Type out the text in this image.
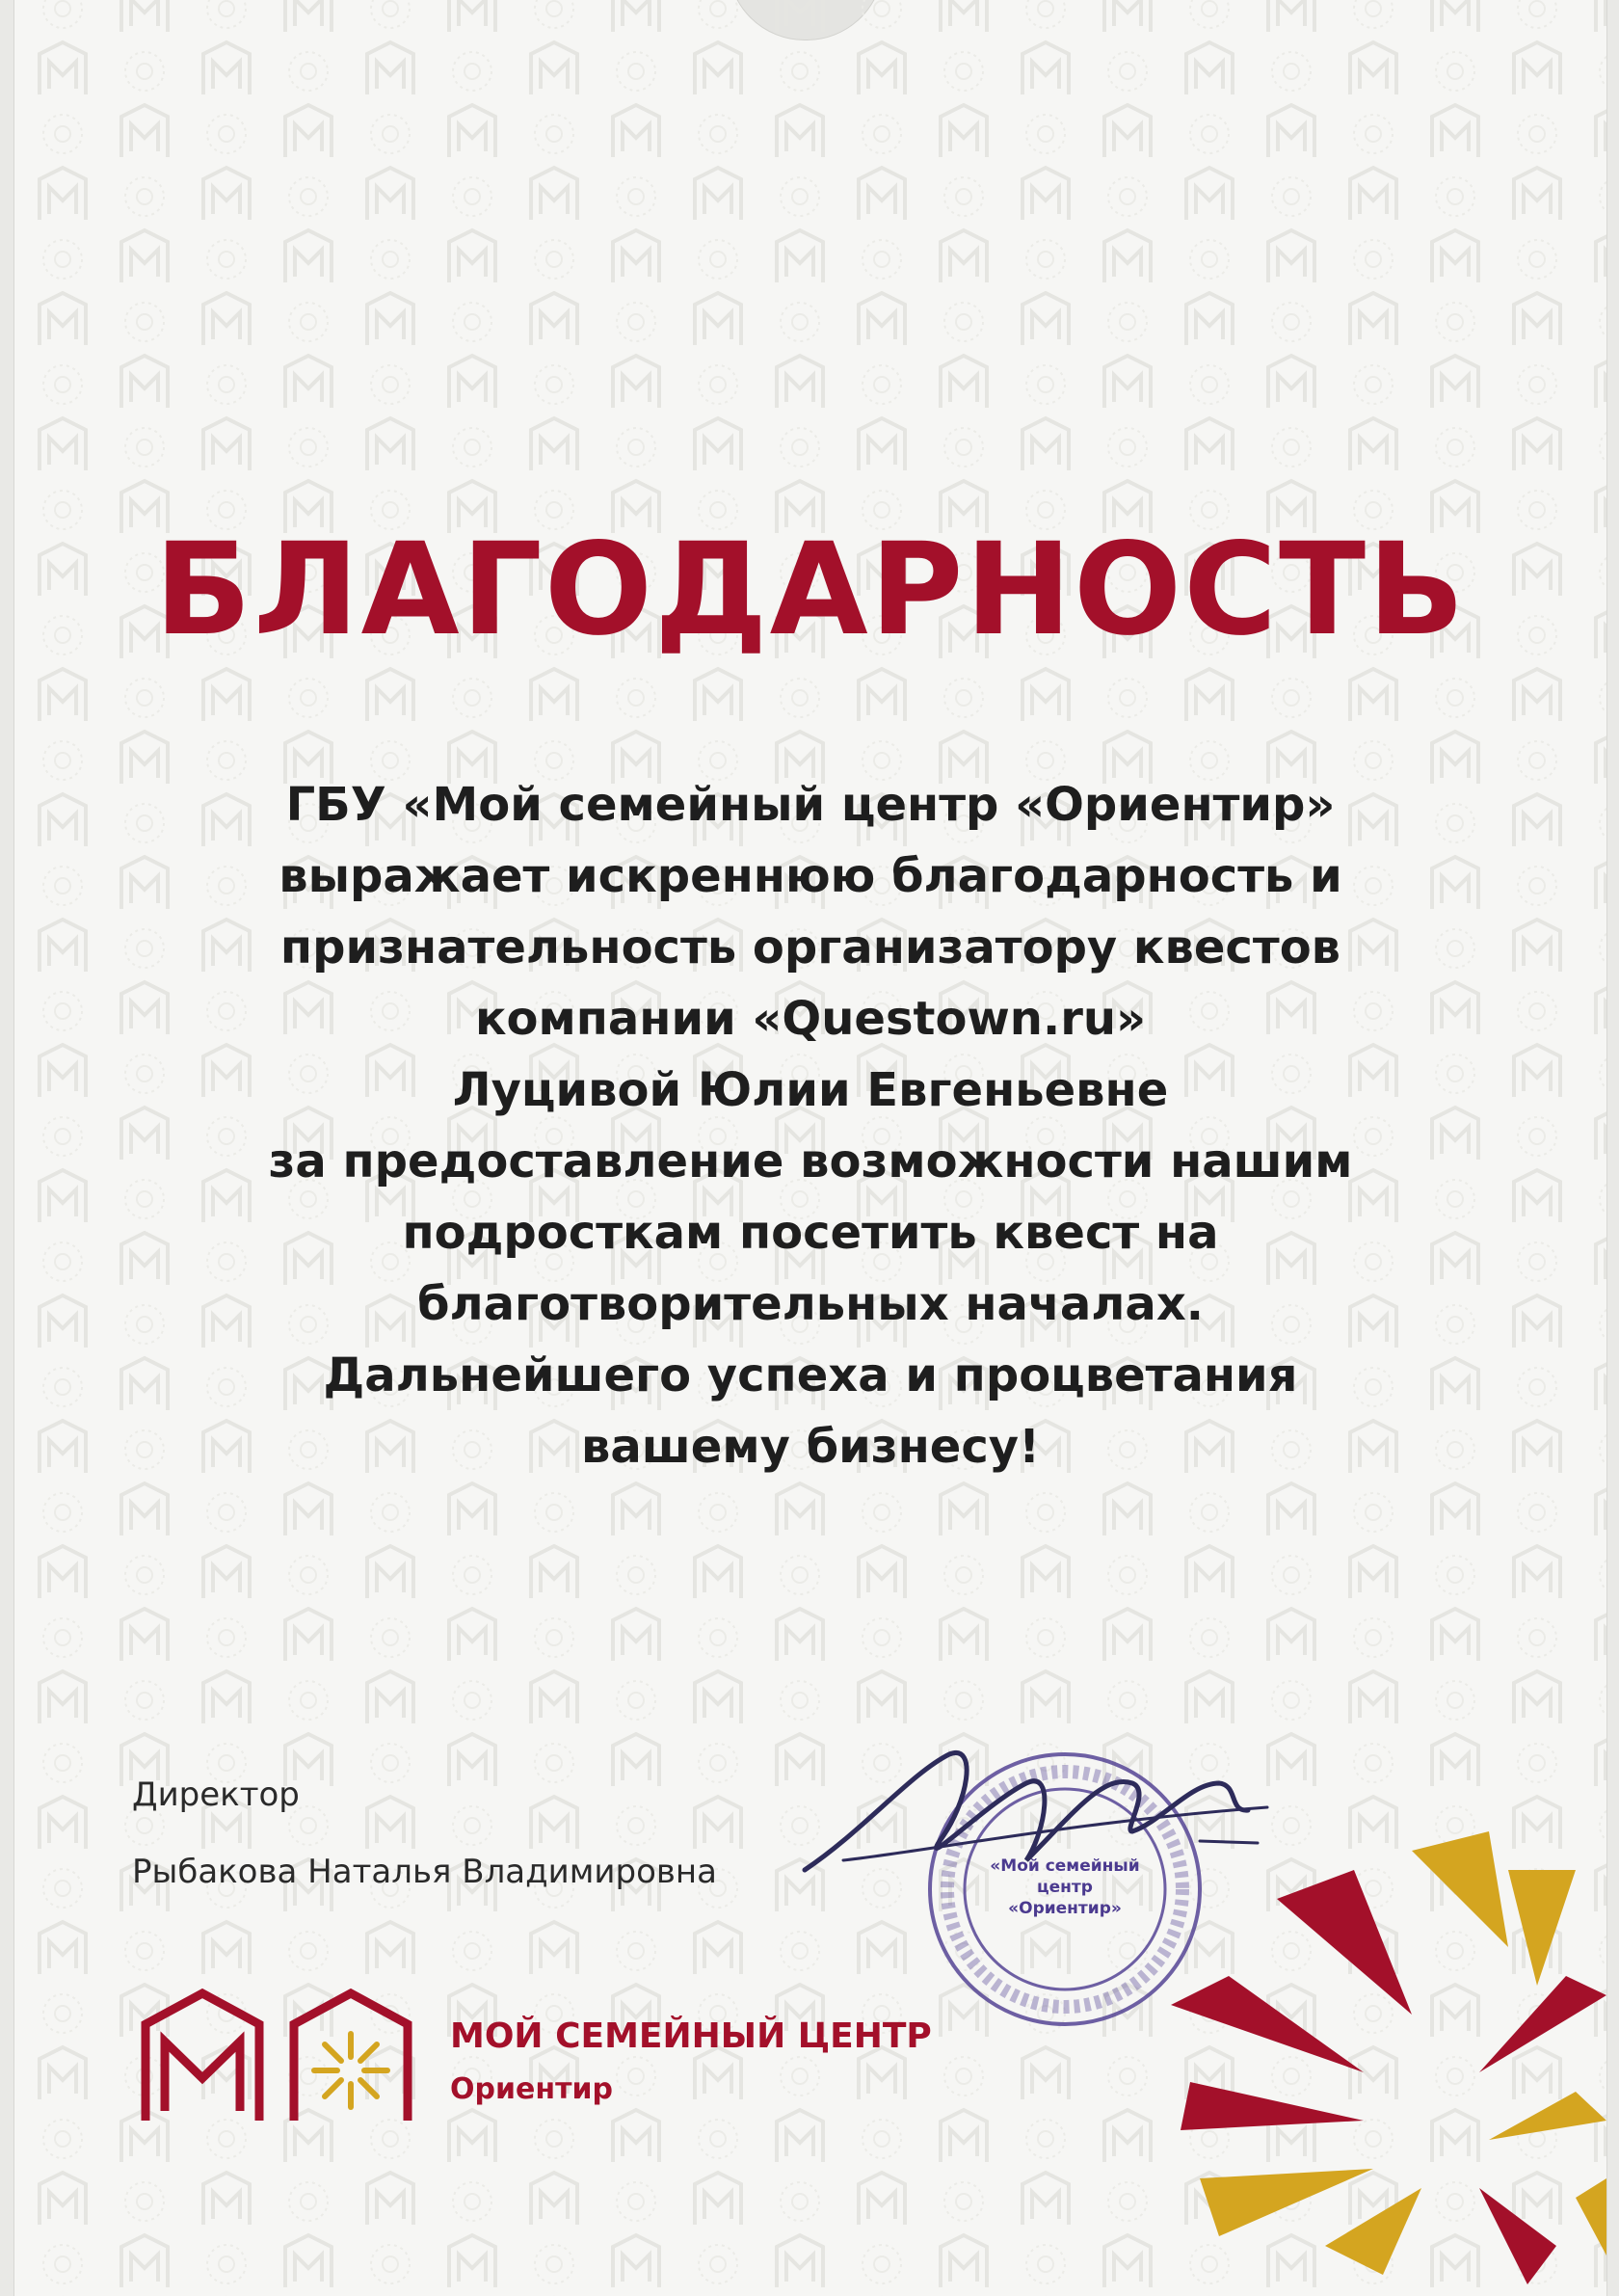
БЛАГОДАРНОСТЬ
ГБУ «Мой семейный центр «Ориентир»
выражает искреннюю благодарность и
признательность организатору квестов
компании «Questown.ru»
Луцивой Юлии Евгеньевне
за предоставление возможности нашим
подросткам посетить квест на
благотворительных началах.
Дальнейшего успеха и процветания
вашему бизнесу!
Директор
Рыбакова Наталья Владимировна	«Мой семейный
центр
«Ориентир»
МОЙ СЕМЕЙНЫЙ ЦЕНТР
Ориентир
